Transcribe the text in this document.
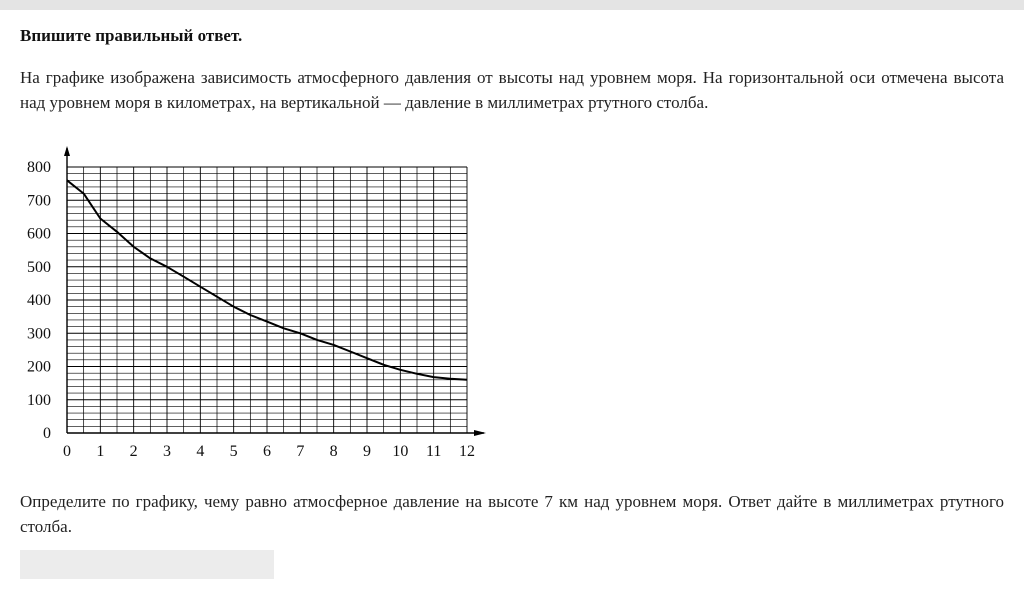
Впишите правильный ответ.
На графике изображена зависимость атмосферного давления от высоты над уровнем моря. На горизонтальной оси отмечена высота над уровнем моря в километрах, на вертикальной — давление в миллиметрах ртутного столба.
0 1 2 3 4 5 6 7 8 9 10 11 12
0
100
200
300
400
500
600
700
800
Определите по графику, чему равно атмосферное давление на высоте 7 км над уровнем моря. Ответ дайте в миллиметрах ртутного столба.
